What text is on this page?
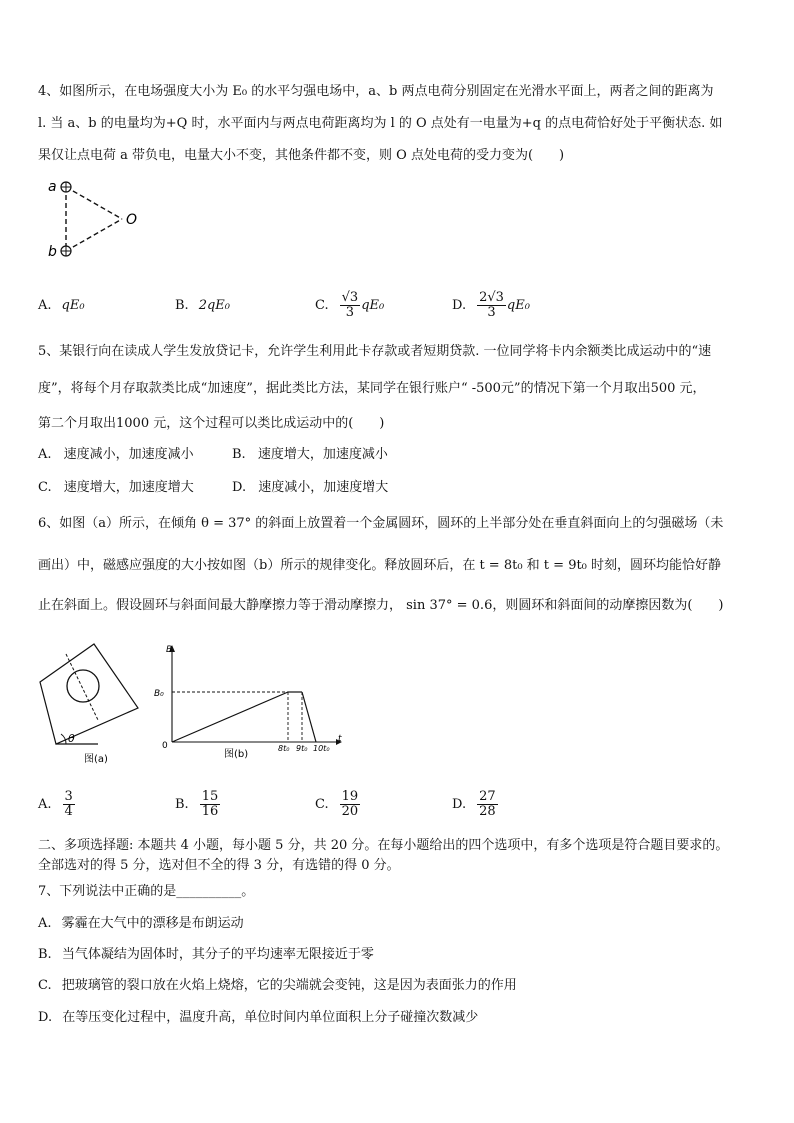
4、如图所示，在电场强度大小为 E₀ 的水平匀强电场中，a、b 两点电荷分别固定在光滑水平面上，两者之间的距离为
l. 当 a、b 的电量均为+Q 时，水平面内与两点电荷距离均为 l 的 O 点处有一电量为+q 的点电荷恰好处于平衡状态. 如
果仅让点电荷 a 带负电，电量大小不变，其他条件都不变，则 O 点处电荷的受力变为(　　)
a
b
O
A. qE₀	B. 2qE₀	C. $\frac{√3}{3} qE_0$	D. $\frac{2√3}{3} qE_0$
5、某银行向在读成人学生发放贷记卡，允许学生利用此卡存款或者短期贷款. 一位同学将卡内余额类比成运动中的“速
度”，将每个月存取款类比成“加速度”，据此类比方法，某同学在银行账户“ -500元”的情况下第一个月取出500 元，
第二个月取出1000 元，这个过程可以类比成运动中的(　　)
A. 速度减小，加速度减小	B. 速度增大，加速度减小
C. 速度增大，加速度增大	D. 速度减小，加速度增大
6、如图（a）所示，在倾角 θ = 37° 的斜面上放置着一个金属圆环，圆环的上半部分处在垂直斜面向上的匀强磁场（未
画出）中，磁感应强度的大小按如图（b）所示的规律变化。释放圆环后，在 t = 8t₀ 和 t = 9t₀ 时刻，圆环均能恰好静
止在斜面上。假设圆环与斜面间最大静摩擦力等于滑动摩擦力， sin 37° = 0.6，则圆环和斜面间的动摩擦因数为(　　)
θ
图(a)
B
t
0
B₀
8t₀ 9t₀ 10t₀
图(b)
A. $\frac{3}{4}$	B. $\frac{15}{16}$	C. $\frac{19}{20}$	D. $\frac{27}{28}$
二、多项选择题: 本题共 4 小题，每小题 5 分，共 20 分。在每小题给出的四个选项中，有多个选项是符合题目要求的。
全部选对的得 5 分，选对但不全的得 3 分，有选错的得 0 分。
7、下列说法中正确的是__________。
A. 雾霾在大气中的漂移是布朗运动
B. 当气体凝结为固体时，其分子的平均速率无限接近于零
C. 把玻璃管的裂口放在火焰上烧熔，它的尖端就会变钝，这是因为表面张力的作用
D. 在等压变化过程中，温度升高，单位时间内单位面积上分子碰撞次数减少
